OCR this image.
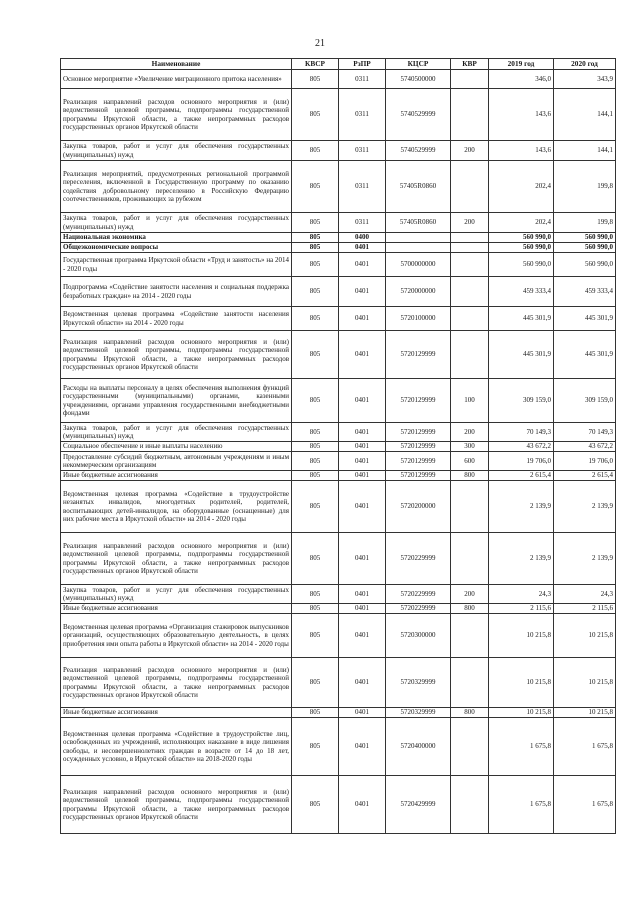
21
Наименование	КВСР	РзПР	КЦСР	КВР	2019 год	2020 год
Основное мероприятие «Увеличение миграционного притока населения»	805	0311	5740500000		346,0	343,9
Реализация направлений расходов основного мероприятия и (или) ведомственной целевой программы, подпрограммы государственной программы Иркутской области, а также непрограммных расходов государственных органов Иркутской области	805	0311	5740529999		143,6	144,1
Закупка товаров, работ и услуг для обеспечения государственных (муниципальных) нужд	805	0311	5740529999	200	143,6	144,1
Реализация мероприятий, предусмотренных региональной программой переселения, включенной в Государственную программу по оказанию содействия добровольному переселению в Российскую Федерацию соотечественников, проживающих за рубежом	805	0311	57405R0860		202,4	199,8
Закупка товаров, работ и услуг для обеспечения государственных (муниципальных) нужд	805	0311	57405R0860	200	202,4	199,8
Национальная экономика	805	0400			560 990,0	560 990,0
Общеэкономические вопросы	805	0401			560 990,0	560 990,0
Государственная программа Иркутской области «Труд и занятость» на 2014 - 2020 годы	805	0401	5700000000		560 990,0	560 990,0
Подпрограмма «Содействие занятости населения и социальная поддержка безработных граждан» на 2014 - 2020 годы	805	0401	5720000000		459 333,4	459 333,4
Ведомственная целевая программа «Содействие занятости населения Иркутской области» на 2014 - 2020 годы	805	0401	5720100000		445 301,9	445 301,9
Реализация направлений расходов основного мероприятия и (или) ведомственной целевой программы, подпрограммы государственной программы Иркутской области, а также непрограммных расходов государственных органов Иркутской области	805	0401	5720129999		445 301,9	445 301,9
Расходы на выплаты персоналу в целях обеспечения выполнения функций государственными (муниципальными) органами, казенными учреждениями, органами управления государственными внебюджетными фондами	805	0401	5720129999	100	309 159,0	309 159,0
Закупка товаров, работ и услуг для обеспечения государственных (муниципальных) нужд	805	0401	5720129999	200	70 149,3	70 149,3
Социальное обеспечение и иные выплаты населению	805	0401	5720129999	300	43 672,2	43 672,2
Предоставление субсидий бюджетным, автономным учреждениям и иным некоммерческим организациям	805	0401	5720129999	600	19 706,0	19 706,0
Иные бюджетные ассигнования	805	0401	5720129999	800	2 615,4	2 615,4
Ведомственная целевая программа «Содействие в трудоустройстве незанятых инвалидов, многодетных родителей, родителей, воспитывающих детей-инвалидов, на оборудованные (оснащенные) для них рабочие места в Иркутской области» на 2014 - 2020 годы	805	0401	5720200000		2 139,9	2 139,9
Реализация направлений расходов основного мероприятия и (или) ведомственной целевой программы, подпрограммы государственной программы Иркутской области, а также непрограммных расходов государственных органов Иркутской области	805	0401	5720229999		2 139,9	2 139,9
Закупка товаров, работ и услуг для обеспечения государственных (муниципальных) нужд	805	0401	5720229999	200	24,3	24,3
Иные бюджетные ассигнования	805	0401	5720229999	800	2 115,6	2 115,6
Ведомственная целевая программа «Организация стажировок выпускников организаций, осуществляющих образовательную деятельность, в целях приобретения ими опыта работы в Иркутской области» на 2014 - 2020 годы	805	0401	5720300000		10 215,8	10 215,8
Реализация направлений расходов основного мероприятия и (или) ведомственной целевой программы, подпрограммы государственной программы Иркутской области, а также непрограммных расходов государственных органов Иркутской области	805	0401	5720329999		10 215,8	10 215,8
Иные бюджетные ассигнования	805	0401	5720329999	800	10 215,8	10 215,8
Ведомственная целевая программа «Содействие в трудоустройстве лиц, освобожденных из учреждений, исполняющих наказание в виде лишения свободы, и несовершеннолетних граждан в возрасте от 14 до 18 лет, осужденных условно, в Иркутской области» на 2018-2020 годы	805	0401	5720400000		1 675,8	1 675,8
Реализация направлений расходов основного мероприятия и (или) ведомственной целевой программы, подпрограммы государственной программы Иркутской области, а также непрограммных расходов государственных органов Иркутской области	805	0401	5720429999		1 675,8	1 675,8
